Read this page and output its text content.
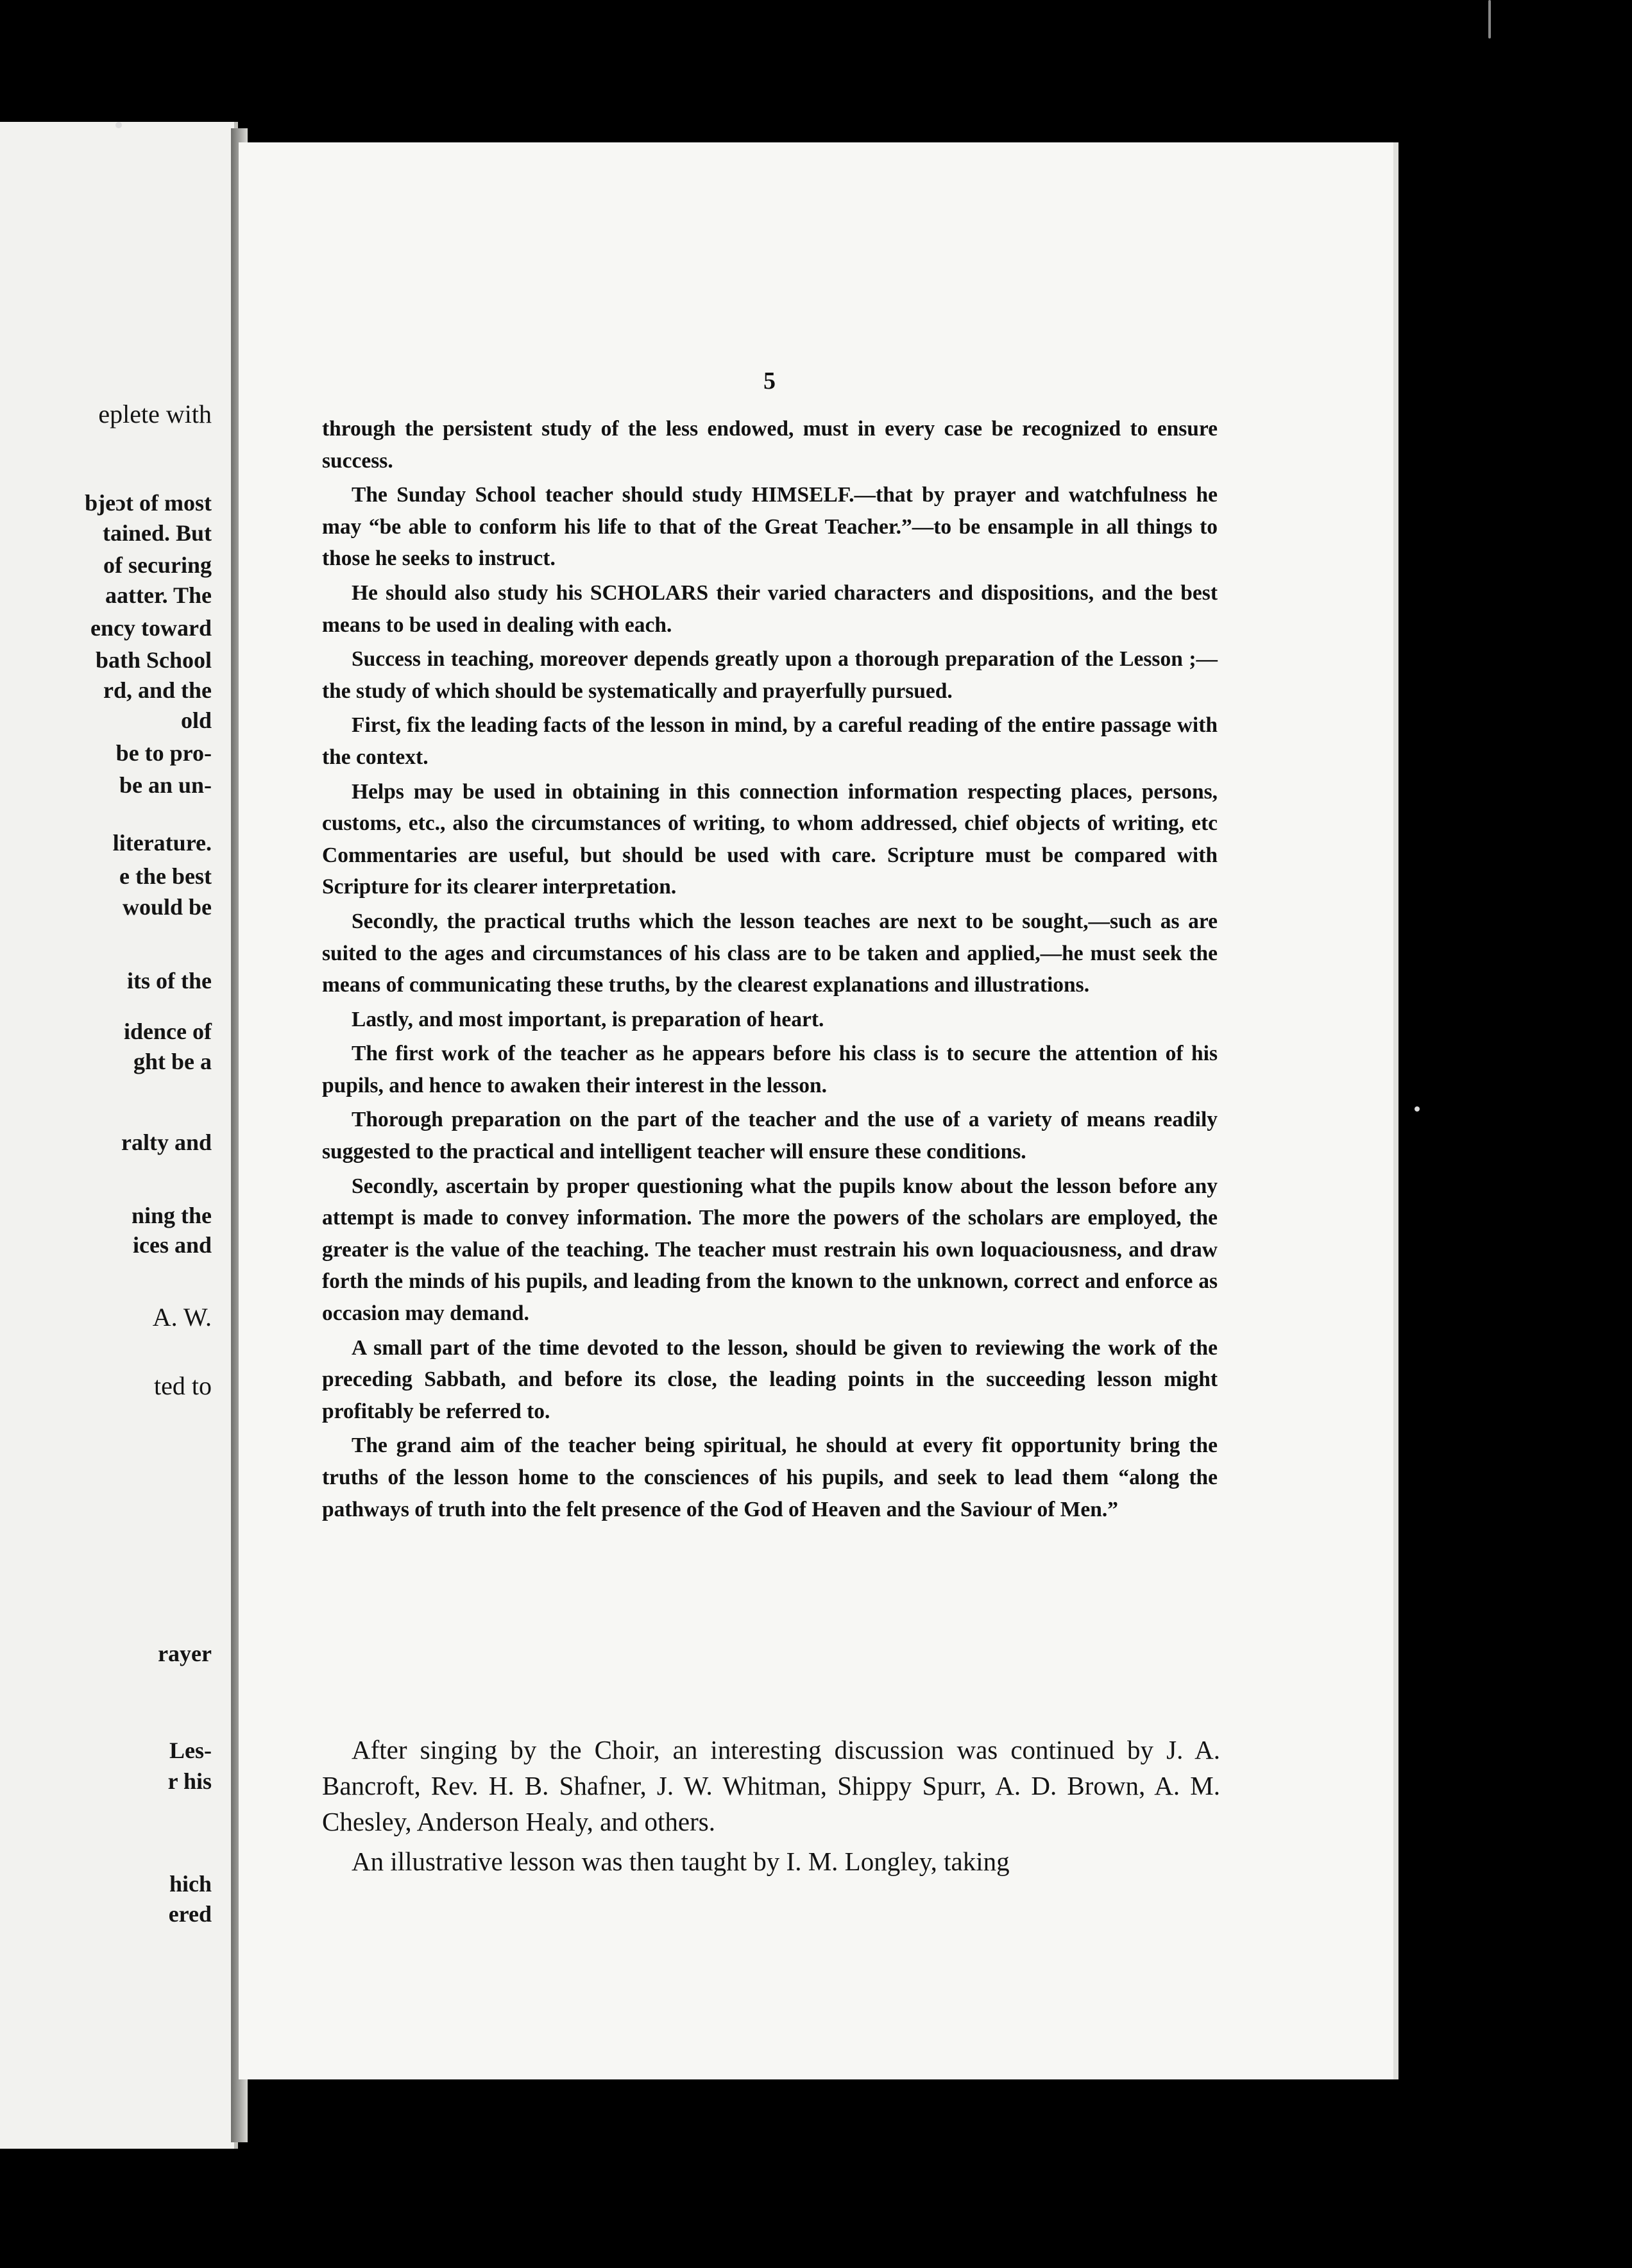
eplete with
bjeɔt of most
tained. But
of securing
aatter. The
ency toward
bath School
rd, and the
old
be to pro-
be an un-
literature.
e the best
would be
its of the
idence of
ght be a
ralty and
ning the
ices and
A. W.
ted to
rayer
Les-
r his
hich
ered
5

through the persistent study of the less endowed, must in every case be recognized to ensure success.

The Sunday School teacher should study HIMSELF.—that by prayer and watchfulness he may “be able to conform his life to that of the Great Teacher.”—to be ensample in all things to those he seeks to instruct.

He should also study his SCHOLARS their varied characters and dispositions, and the best means to be used in dealing with each.

Success in teaching, moreover depends greatly upon a thorough preparation of the Lesson ;—the study of which should be systematically and prayerfully pursued.

First, fix the leading facts of the lesson in mind, by a careful reading of the entire passage with the context.

Helps may be used in obtaining in this connection information respecting places, persons, customs, etc., also the circumstances of writing, to whom addressed, chief objects of writing, etc Commentaries are useful, but should be used with care. Scripture must be compared with Scripture for its clearer interpretation.

Secondly, the practical truths which the lesson teaches are next to be sought,—such as are suited to the ages and circumstances of his class are to be taken and applied,—he must seek the means of communicating these truths, by the clearest explanations and illustrations.

Lastly, and most important, is preparation of heart.

The first work of the teacher as he appears before his class is to secure the attention of his pupils, and hence to awaken their interest in the lesson.

Thorough preparation on the part of the teacher and the use of a variety of means readily suggested to the practical and intelligent teacher will ensure these conditions.

Secondly, ascertain by proper questioning what the pupils know about the lesson before any attempt is made to convey information. The more the powers of the scholars are employed, the greater is the value of the teaching. The teacher must restrain his own loquaciousness, and draw forth the minds of his pupils, and leading from the known to the unknown, correct and enforce as occasion may demand.

A small part of the time devoted to the lesson, should be given to reviewing the work of the preceding Sabbath, and before its close, the leading points in the succeeding lesson might profitably be referred to.

The grand aim of the teacher being spiritual, he should at every fit opportunity bring the truths of the lesson home to the consciences of his pupils, and seek to lead them “along the pathways of truth into the felt presence of the God of Heaven and the Saviour of Men.”

After singing by the Choir, an interesting discussion was continued by J. A. Bancroft, Rev. H. B. Shafner, J. W. Whitman, Shippy Spurr, A. D. Brown, A. M. Chesley, Anderson Healy, and others.

An illustrative lesson was then taught by I. M. Longley, taking
